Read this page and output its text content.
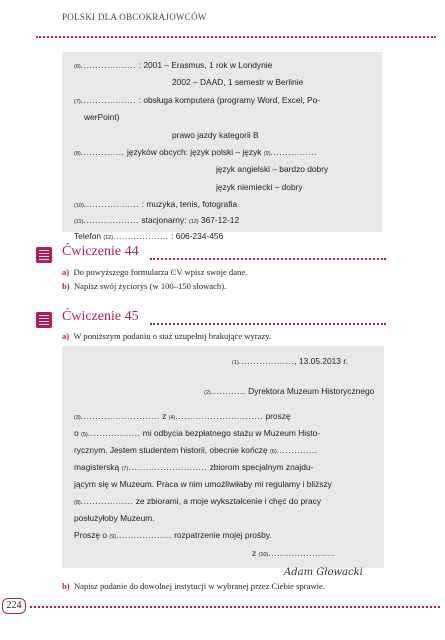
POLSKI DLA OBCOKRAJOWCÓW
(6)................... : 2001 – Erasmus, 1 rok w Londynie
2002 – DAAD, 1 semestr w Berlinie
(7)................... : obsługa komputera (programy Word, Excel, Po-
werPoint)
prawo jazdy kategorii B
(8)............... języków obcych: język polski – język (9)................
język angielski – bardzo dobry
język niemiecki – dobry
(10)................... : muzyka, tenis, fotografia
(11)................... stacjonarny: (12) 367-12-12
Telefon (12)................... : 606-234-456
Ćwiczenie 44
a) Do powyższego formularza CV wpisz swoje dane.
b) Napisz swój życiorys (w 100–150 słowach).
Ćwiczenie 45
a) W poniższym podaniu o staż uzupełnij brakujące wyrazy.
(1)..................., 13.05.2013 r.
(2)............ Dyrektora Muzeum Historycznego
(3)........................... z (4).............................. proszę
o (5).................. mi odbycia bezpłatnego stażu w Muzeum Histo-
rycznym. Jestem studentem historii, obecnie kończę (6)..............
magisterską (7)........................... zbiorom specjalnym znajdu-
jącym się w Muzeum. Praca w nim umożliwiłaby mi regulamy i bliższy
(8).................. ze zbiorami, a moje wykształcenie i chęć do pracy
posłużyłoby Muzeum.
Proszę o (9)................... rozpatrzenie mojej prośby.
z (10).......................
Adam Głowacki
b) Napisz podanie do dowolnej instytucji w wybranej przez Ciebie sprawie.
224
